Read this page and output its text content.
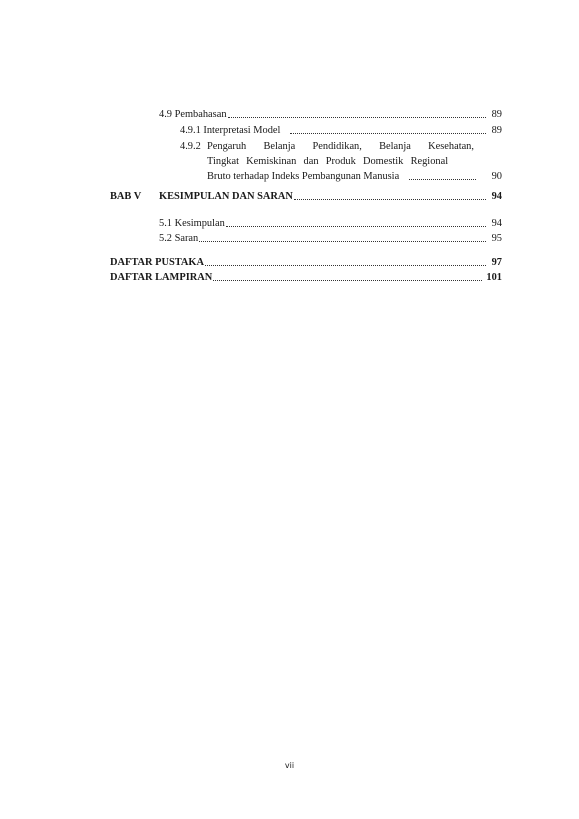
4.9 Pembahasan	89
4.9.1 Interpretasi Model	89
4.9.2 Pengaruh Belanja Pendidikan, Belanja Kesehatan,
Tingkat  Kemiskinan  dan  Produk  Domestik  Regional
Bruto terhadap Indeks Pembangunan Manusia	90
BAB V KESIMPULAN DAN SARAN	94
5.1 Kesimpulan	94
5.2 Saran	95
DAFTAR PUSTAKA	97
DAFTAR LAMPIRAN	101
vii
